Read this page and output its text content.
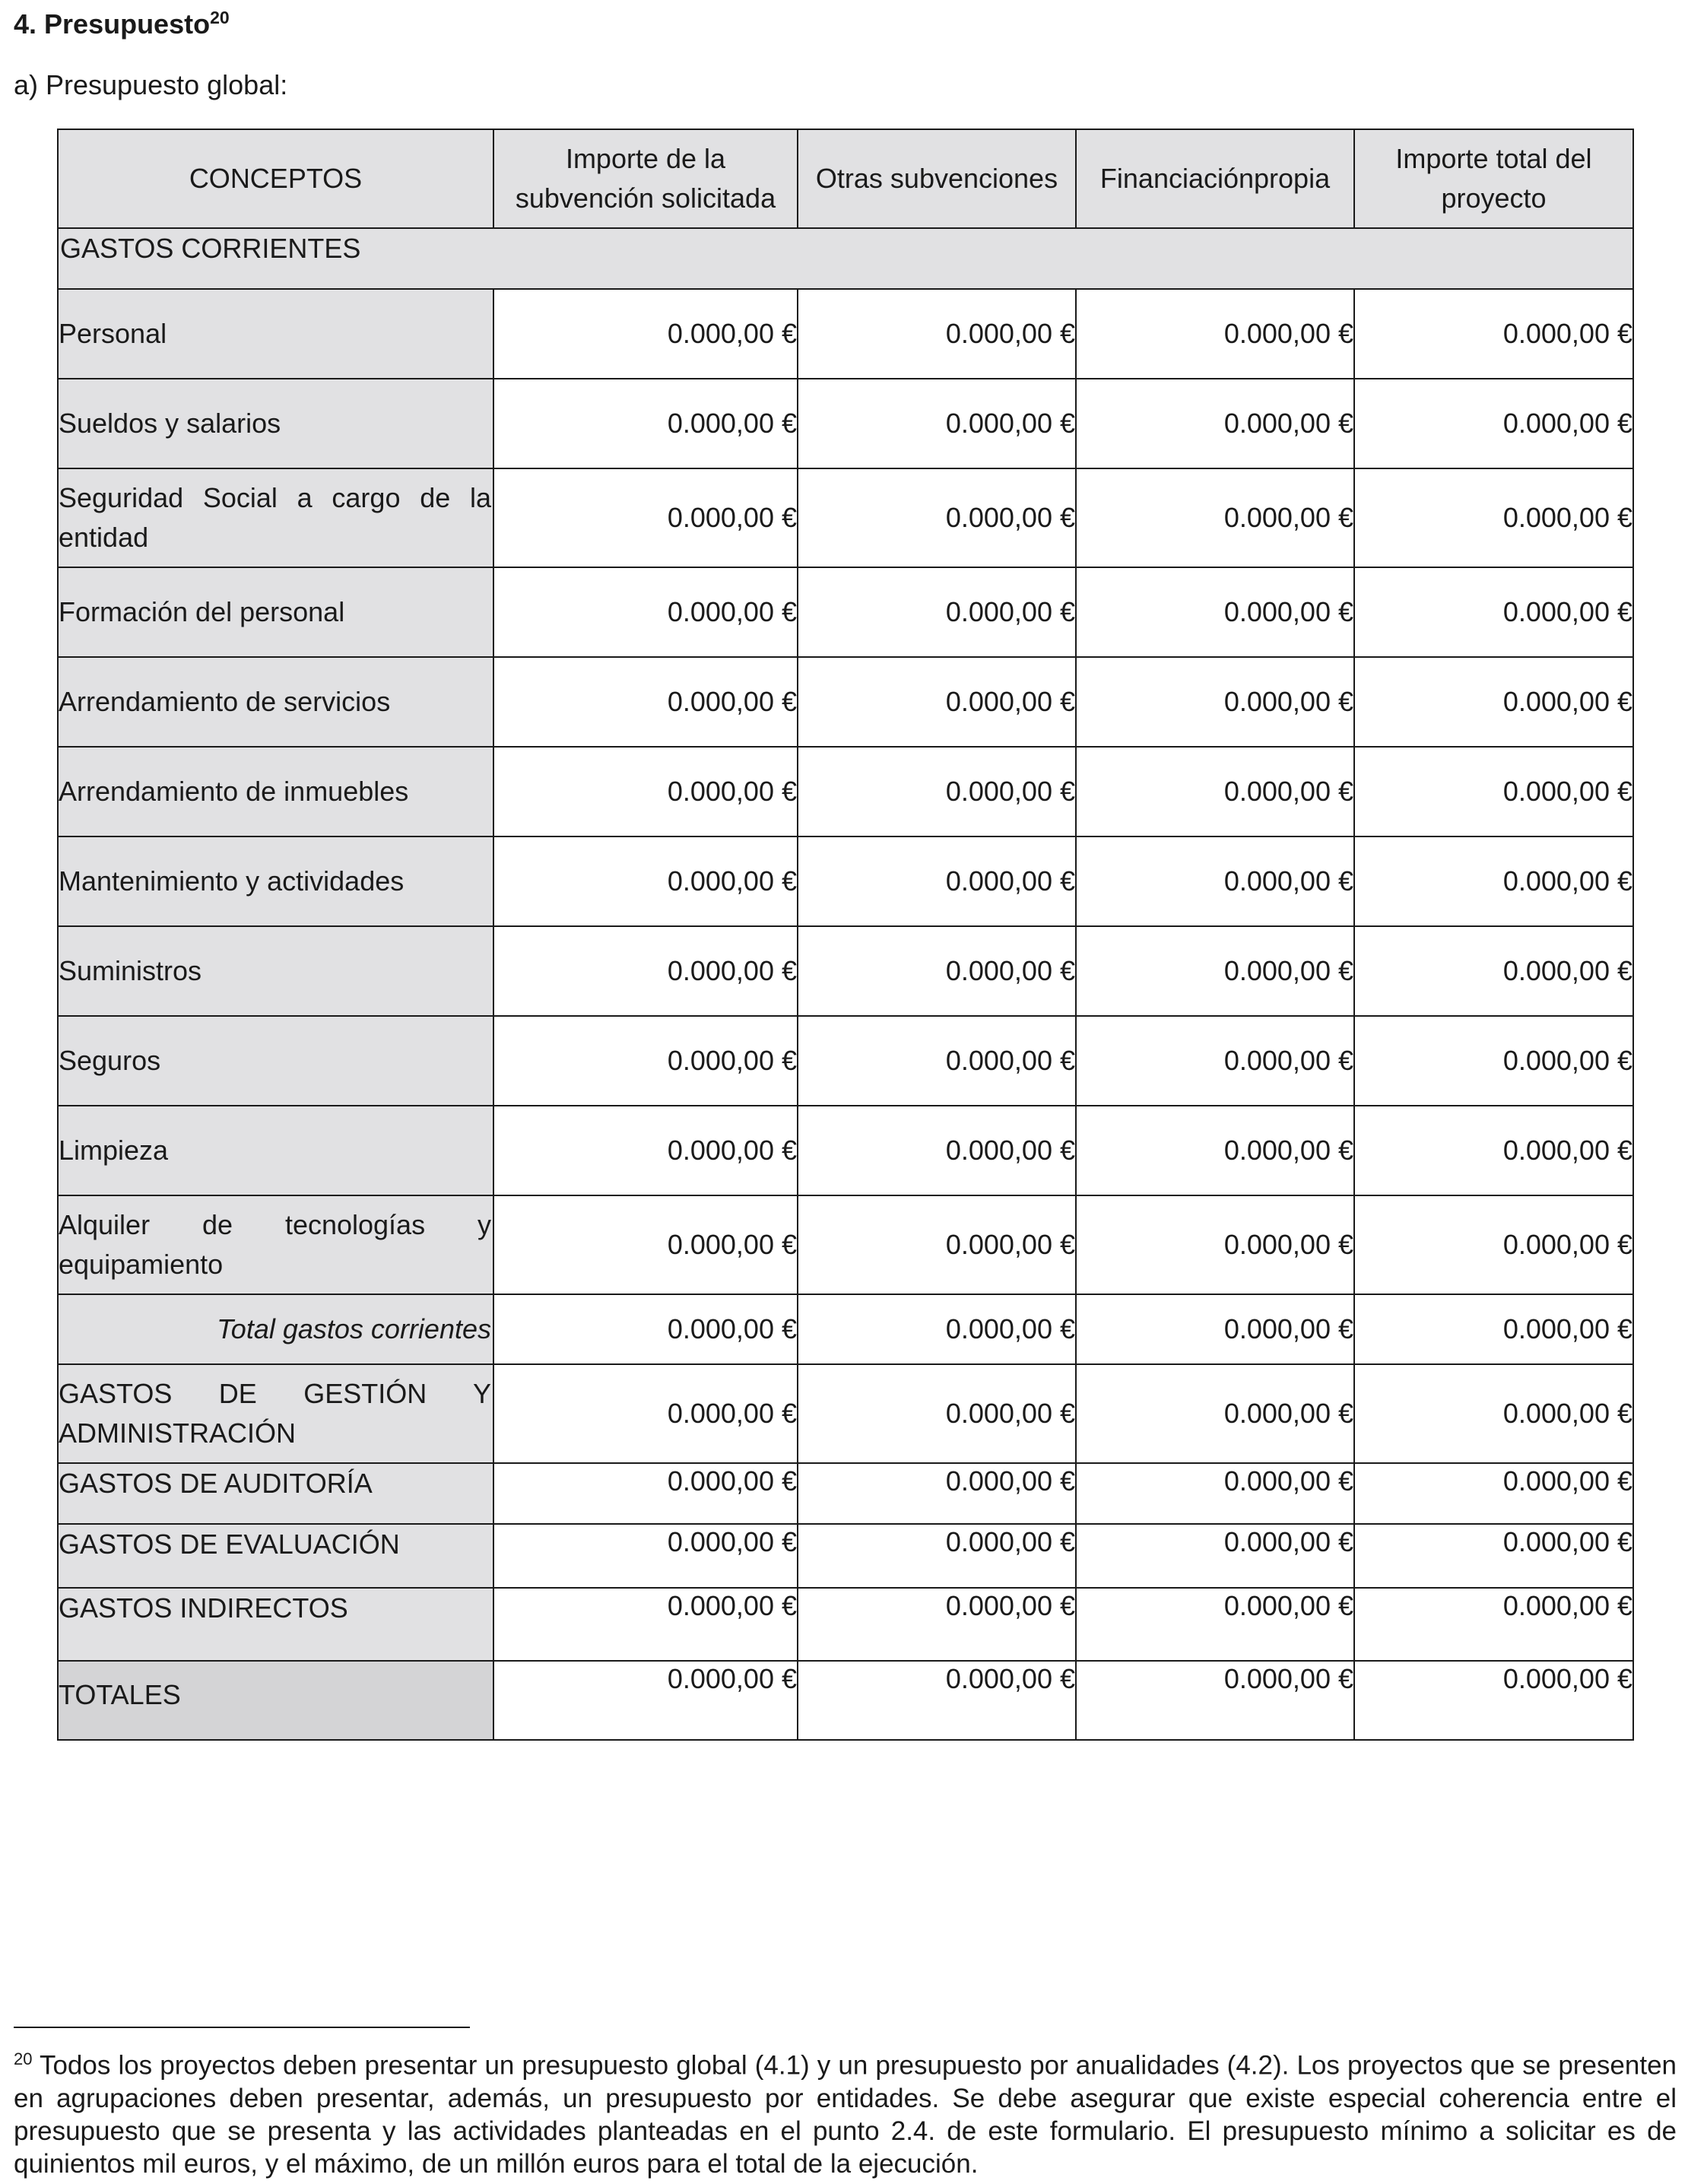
4. Presupuesto$^{20}$
a) Presupuesto global:
CONCEPTOS	Importe de la subvención solicitada	Otras subvenciones	Financiaciónpropia	Importe total del proyecto
GASTOS CORRIENTES				
Personal	0.000,00 €	0.000,00 €	0.000,00 €	0.000,00 €
Sueldos y salarios	0.000,00 €	0.000,00 €	0.000,00 €	0.000,00 €
Seguridad Social a cargo de la entidad	0.000,00 €	0.000,00 €	0.000,00 €	0.000,00 €
Formación del personal	0.000,00 €	0.000,00 €	0.000,00 €	0.000,00 €
Arrendamiento de servicios	0.000,00 €	0.000,00 €	0.000,00 €	0.000,00 €
Arrendamiento de inmuebles	0.000,00 €	0.000,00 €	0.000,00 €	0.000,00 €
Mantenimiento y actividades	0.000,00 €	0.000,00 €	0.000,00 €	0.000,00 €
Suministros	0.000,00 €	0.000,00 €	0.000,00 €	0.000,00 €
Seguros	0.000,00 €	0.000,00 €	0.000,00 €	0.000,00 €
Limpieza	0.000,00 €	0.000,00 €	0.000,00 €	0.000,00 €
Alquiler de tecnologías y equipamiento	0.000,00 €	0.000,00 €	0.000,00 €	0.000,00 €
Total gastos corrientes	0.000,00 €	0.000,00 €	0.000,00 €	0.000,00 €
GASTOS DE GESTIÓN Y ADMINISTRACIÓN	0.000,00 €	0.000,00 €	0.000,00 €	0.000,00 €
GASTOS DE AUDITORÍA	0.000,00 €	0.000,00 €	0.000,00 €	0.000,00 €
GASTOS DE EVALUACIÓN	0.000,00 €	0.000,00 €	0.000,00 €	0.000,00 €
GASTOS INDIRECTOS	0.000,00 €	0.000,00 €	0.000,00 €	0.000,00 €
TOTALES	0.000,00 €	0.000,00 €	0.000,00 €	0.000,00 €
$^{20}$ Todos los proyectos deben presentar un presupuesto global (4.1) y un presupuesto por anualidades (4.2). Los proyectos que se presenten en agrupaciones deben presentar, además, un presupuesto por entidades. Se debe asegurar que existe especial coherencia entre el presupuesto que se presenta y las actividades planteadas en el punto 2.4. de este formulario. El presupuesto mínimo a solicitar es de quinientos mil euros, y el máximo, de un millón euros para el total de la ejecución.
